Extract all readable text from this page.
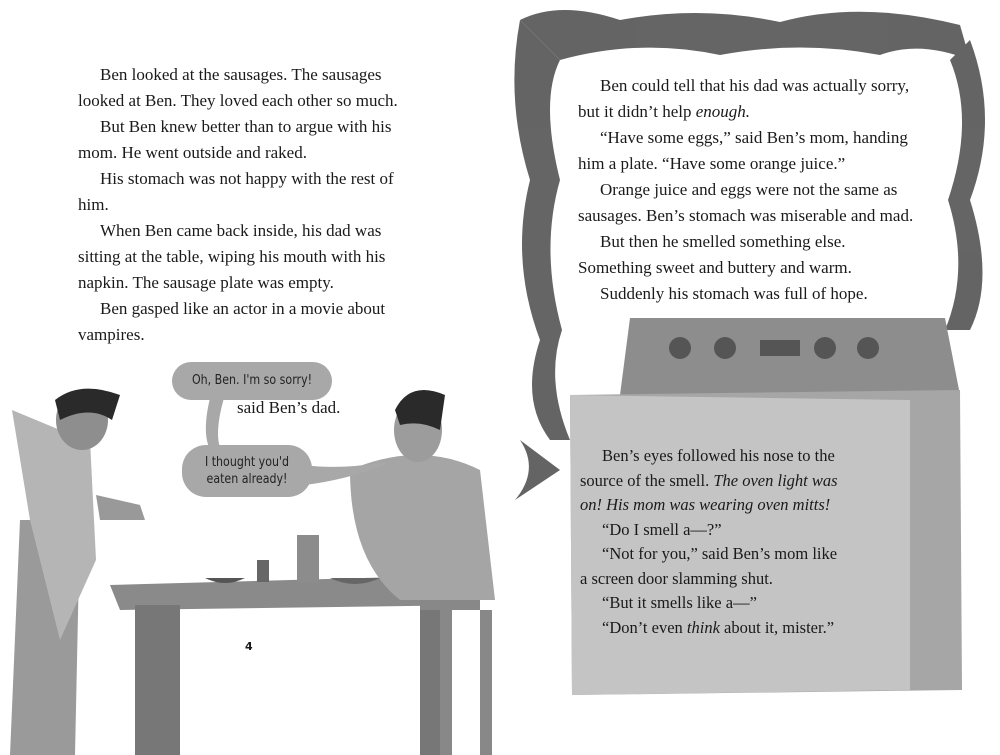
Ben looked at the sausages. The sausages
looked at Ben. They loved each other so much.
But Ben knew better than to argue with his
mom. He went outside and raked.
His stomach was not happy with the rest of
him.
When Ben came back inside, his dad was
sitting at the table, wiping his mouth with his
napkin. The sausage plate was empty.
Ben gasped like an actor in a movie about
vampires.
Oh, Ben. I'm so sorry!
said Ben’s dad.
I thought you'd
eaten already!
4
Ben could tell that his dad was actually sorry,
but it didn’t help enough.
“Have some eggs,” said Ben’s mom, handing
him a plate. “Have some orange juice.”
Orange juice and eggs were not the same as
sausages. Ben’s stomach was miserable and mad.
But then he smelled something else.
Something sweet and buttery and warm.
Suddenly his stomach was full of hope.
Ben’s eyes followed his nose to the
source of the smell. The oven light was
on! His mom was wearing oven mitts!
“Do I smell a—?”
“Not for you,” said Ben’s mom like
a screen door slamming shut.
“But it smells like a—”
“Don’t even think about it, mister.”
